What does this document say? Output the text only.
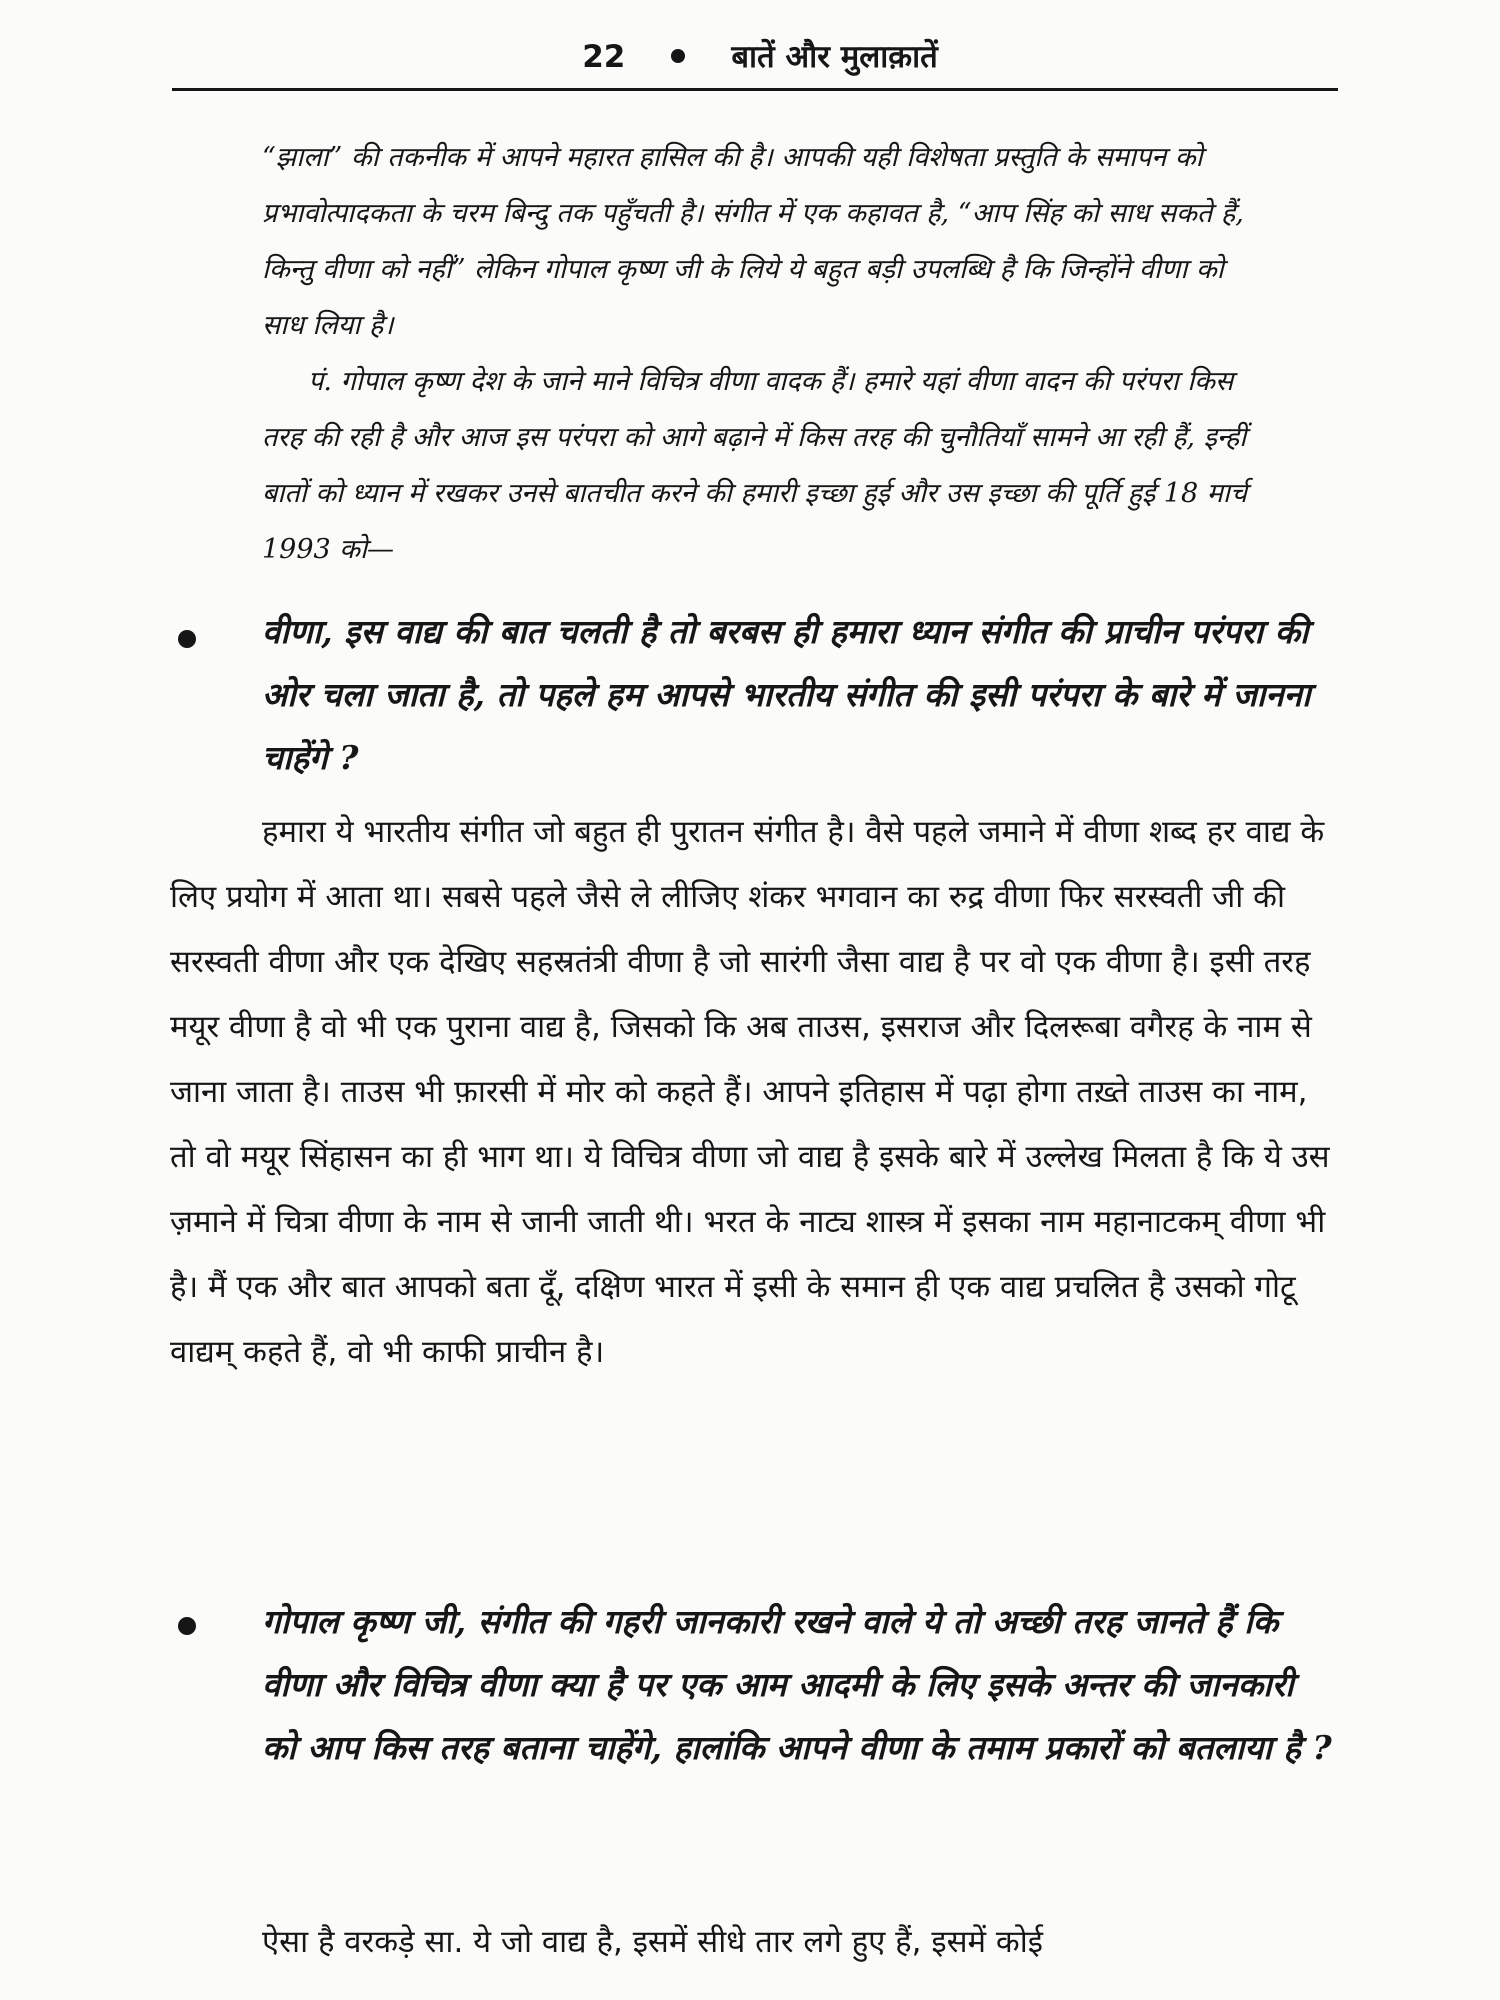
22	बातें और मुलाक़ातें

“झाला” की तकनीक में आपने महारत हासिल की है। आपकी यही विशेषता प्रस्तुति के समापन को प्रभावोत्पादकता के चरम बिन्दु तक पहुँचती है। संगीत में एक कहावत है, “आप सिंह को साध सकते हैं, किन्तु वीणा को नहीं” लेकिन गोपाल कृष्ण जी के लिये ये बहुत बड़ी उपलब्धि है कि जिन्होंने वीणा को साध लिया है।

पं. गोपाल कृष्ण देश के जाने माने विचित्र वीणा वादक हैं। हमारे यहां वीणा वादन की परंपरा किस तरह की रही है और आज इस परंपरा को आगे बढ़ाने में किस तरह की चुनौतियाँ सामने आ रही हैं, इन्हीं बातों को ध्यान में रखकर उनसे बातचीत करने की हमारी इच्छा हुई और उस इच्छा की पूर्ति हुई 18 मार्च 1993 को—

वीणा, इस वाद्य की बात चलती है तो बरबस ही हमारा ध्यान संगीत की प्राचीन परंपरा की ओर चला जाता है, तो पहले हम आपसे भारतीय संगीत की इसी परंपरा के बारे में जानना चाहेंगे ?

हमारा ये भारतीय संगीत जो बहुत ही पुरातन संगीत है। वैसे पहले जमाने में वीणा शब्द हर वाद्य के लिए प्रयोग में आता था। सबसे पहले जैसे ले लीजिए शंकर भगवान का रुद्र वीणा फिर सरस्वती जी की सरस्वती वीणा और एक देखिए सहस्रतंत्री वीणा है जो सारंगी जैसा वाद्य है पर वो एक वीणा है। इसी तरह मयूर वीणा है वो भी एक पुराना वाद्य है, जिसको कि अब ताउस, इसराज और दिलरूबा वगैरह के नाम से जाना जाता है। ताउस भी फ़ारसी में मोर को कहते हैं। आपने इतिहास में पढ़ा होगा तख़्ते ताउस का नाम, तो वो मयूर सिंहासन का ही भाग था। ये विचित्र वीणा जो वाद्य है इसके बारे में उल्लेख मिलता है कि ये उस ज़माने में चित्रा वीणा के नाम से जानी जाती थी। भरत के नाट्य शास्त्र में इसका नाम महानाटकम् वीणा भी है। मैं एक और बात आपको बता दूँ, दक्षिण भारत में इसी के समान ही एक वाद्य प्रचलित है उसको गोटू वाद्यम् कहते हैं, वो भी काफी प्राचीन है।

गोपाल कृष्ण जी, संगीत की गहरी जानकारी रखने वाले ये तो अच्छी तरह जानते हैं कि वीणा और विचित्र वीणा क्या है पर एक आम आदमी के लिए इसके अन्तर की जानकारी को आप किस तरह बताना चाहेंगे, हालांकि आपने वीणा के तमाम प्रकारों को बतलाया है ?

ऐसा है वरकड़े सा. ये जो वाद्य है, इसमें सीधे तार लगे हुए हैं, इसमें कोई
